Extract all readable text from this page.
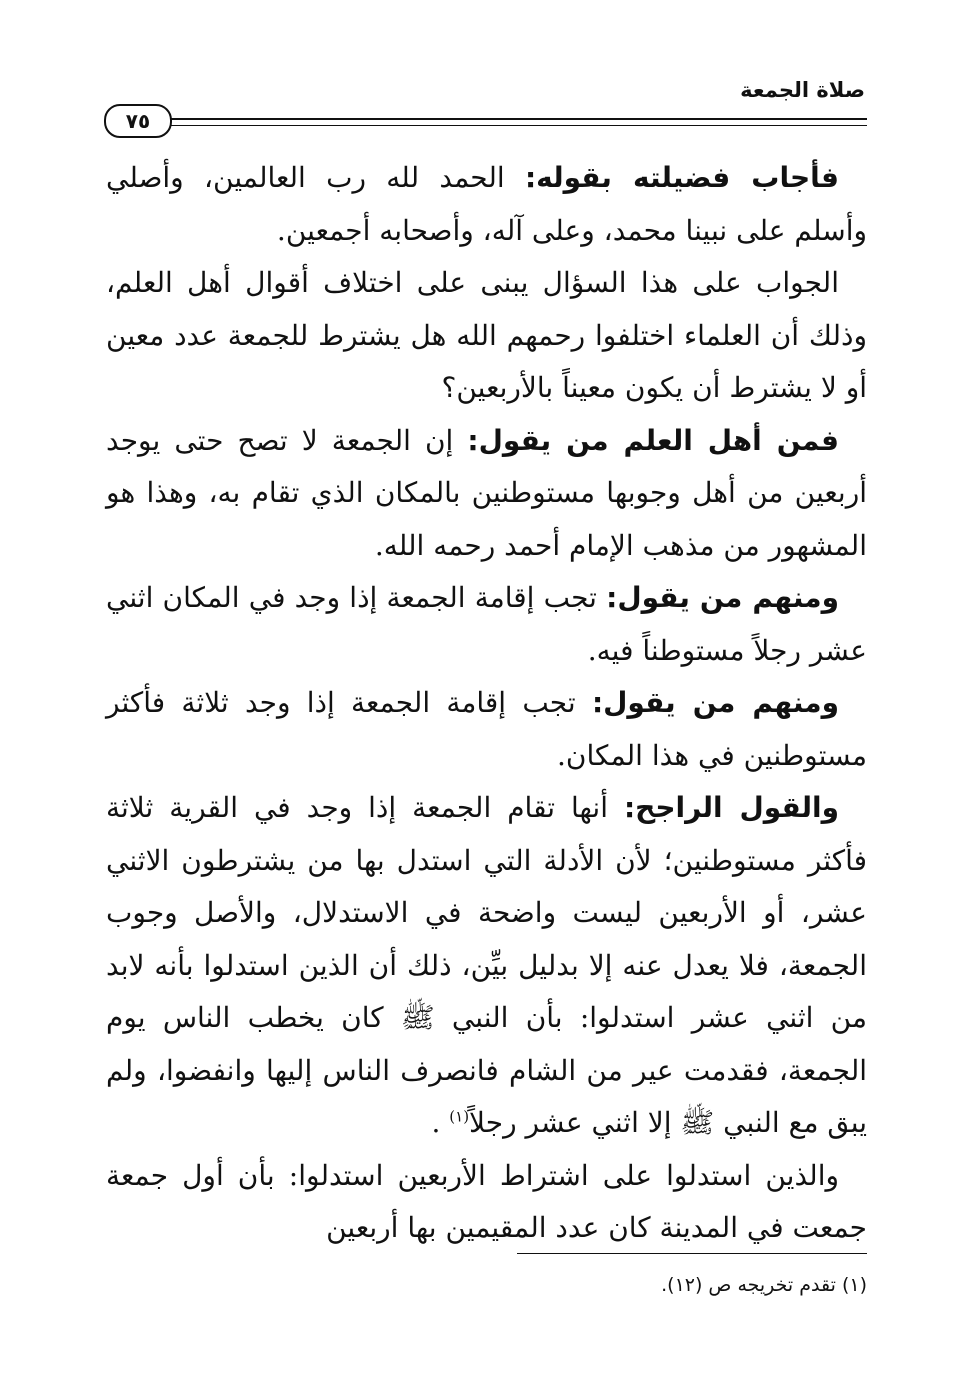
صلاة الجمعة
٧٥

 فأجاب فضيلته بقوله: الحمد لله رب العالمين، وأصلي وأسلم على نبينا محمد، وعلى آله، وأصحابه أجمعين.

 الجواب على هذا السؤال يبنى على اختلاف أقوال أهل العلم، وذلك أن العلماء اختلفوا رحمهم الله هل يشترط للجمعة عدد معين أو لا يشترط أن يكون معيناً بالأربعين؟

 فمن أهل العلم من يقول: إن الجمعة لا تصح حتى يوجد أربعين من أهل وجوبها مستوطنين بالمكان الذي تقام به، وهذا هو المشهور من مذهب الإمام أحمد رحمه الله.

 ومنهم من يقول: تجب إقامة الجمعة إذا وجد في المكان اثني عشر رجلاً مستوطناً فيه.

 ومنهم من يقول: تجب إقامة الجمعة إذا وجد ثلاثة فأكثر مستوطنين في هذا المكان.

 والقول الراجح: أنها تقام الجمعة إذا وجد في القرية ثلاثة فأكثر مستوطنين؛ لأن الأدلة التي استدل بها من يشترطون الاثني عشر، أو الأربعين ليست واضحة في الاستدلال، والأصل وجوب الجمعة، فلا يعدل عنه إلا بدليل بيِّن، ذلك أن الذين استدلوا بأنه لابد من اثني عشر استدلوا: بأن النبي ﷺ كان يخطب الناس يوم الجمعة، فقدمت عير من الشام فانصرف الناس إليها وانفضوا، ولم يبق مع النبي ﷺ إلا اثني عشر رجلاً$^{(١)}$ .

 والذين استدلوا على اشتراط الأربعين استدلوا: بأن أول جمعة جمعت في المدينة كان عدد المقيمين بها أربعين

(١) تقدم تخريجه ص (١٢).
